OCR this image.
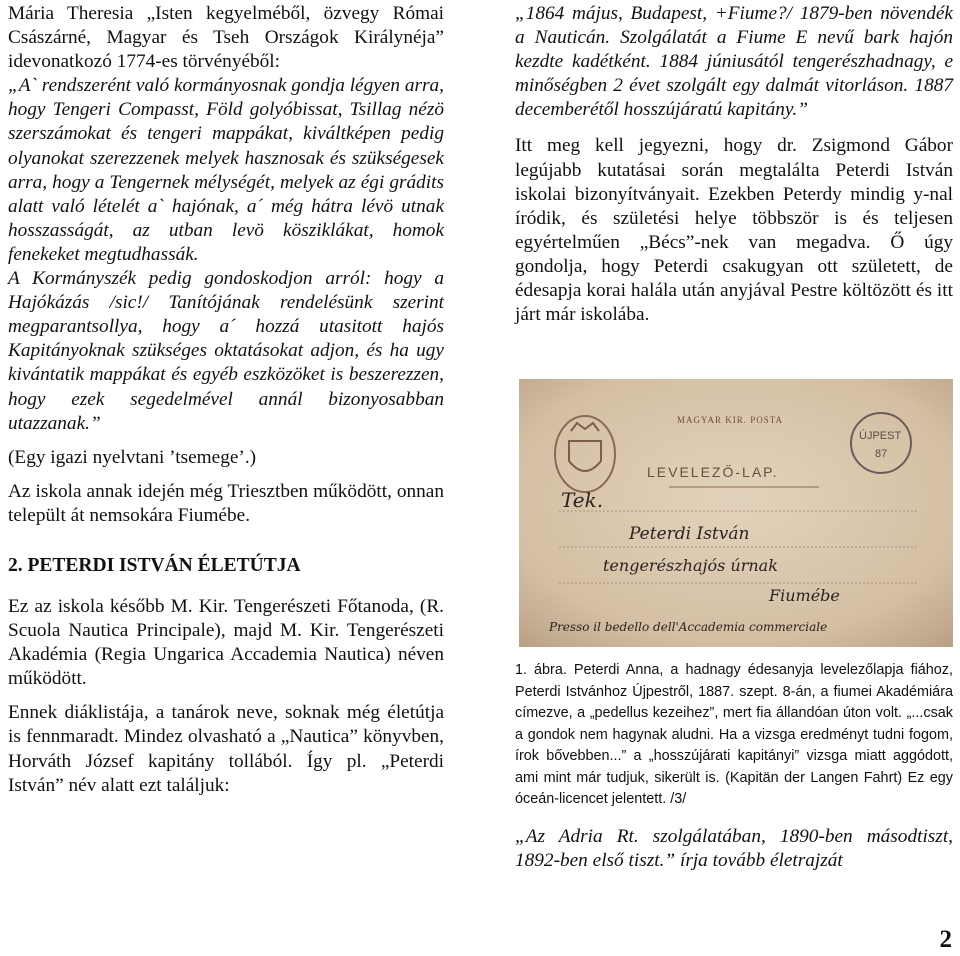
Mária Theresia „Isten kegyelméből, özvegy Római Császárné, Magyar és Tseh Országok Királynéja” idevonatkozó 1774-es törvényéből:

„A` rendszerént való kormányosnak gondja légyen arra, hogy Tengeri Compasst, Föld golyóbissat, Tsillag nézö szerszámokat és tengeri mappákat, kiváltképen pedig olyanokat szerezzenek melyek hasznosak és szükségesek arra, hogy a Tengernek mélységét, melyek az égi grádits alatt való lételét a` hajónak, a´ még hátra lévö utnak hosszasságát, az utban levö kösziklákat, homok fenekeket megtudhassák.

A Kormányszék pedig gondoskodjon arról: hogy a Hajókázás /sic!/ Tanítójának rendelésünk szerint megparantsollya, hogy a´ hozzá utasitott hajós Kapitányoknak szükséges oktatásokat adjon, és ha ugy kivántatik mappákat és egyéb eszközöket is beszerezzen, hogy ezek segedelmével annál bizonyosabban utazzanak.”

(Egy igazi nyelvtani ’tsemege’.)

Az iskola annak idején még Triesztben működött, onnan települt át nemsokára Fiumébe.

2. PETERDI ISTVÁN ÉLETÚTJA

Ez az iskola később M. Kir. Tengerészeti Főtanoda, (R. Scuola Nautica Principale), majd M. Kir. Tengerészeti Akadémia (Regia Ungarica Accademia Nautica) néven működött.

Ennek diáklistája, a tanárok neve, soknak még életútja is fennmaradt. Mindez olvasható a „Nautica” könyvben, Horváth József kapitány tollából. Így pl. „Peterdi István” név alatt ezt találjuk:

„1864 május, Budapest, +Fiume?/ 1879-ben növendék a Nauticán. Szolgálatát a Fiume E nevű bark hajón kezdte kadétként. 1884 júniusától tengerészhadnagy, e minőségben 2 évet szolgált egy dalmát vitorláson. 1887 decemberétől hosszújáratú kapitány.”

Itt meg kell jegyezni, hogy dr. Zsigmond Gábor legújabb kutatásai során megtalálta Peterdi István iskolai bizonyítványait. Ezekben Peterdy mindig y-nal íródik, és születési helye többször is és teljesen egyértelműen „Bécs”-nek van megadva. Ő úgy gondolja, hogy Peterdi csakugyan ott született, de édesapja korai halála után anyjával Pestre költözött és itt járt már iskolába.

MAGYAR KIR. POSTA
LEVELEZŐ-LAP.
ÚJPEST
87
Tek.
Peterdi István
tengerészhajós úrnak
Fiumébe
Presso il bedello dell'Accademia commerciale

1. ábra. Peterdi Anna, a hadnagy édesanyja levelezőlapja fiához, Peterdi Istvánhoz Újpestről, 1887. szept. 8-án, a fiumei Akadémiára címezve, a „pedellus kezeihez”, mert fia állandóan úton volt. „...csak a gondok nem hagynak aludni. Ha a vizsga eredményt tudni fogom, írok bővebben...” a „hosszújárati kapitányi” vizsga miatt aggódott, ami mint már tudjuk, sikerült is. (Kapitän der Langen Fahrt) Ez egy óceán-licencet jelentett. /3/

„Az Adria Rt. szolgálatában, 1890-ben másodtiszt, 1892-ben első tiszt.” írja tovább életrajzát

2
